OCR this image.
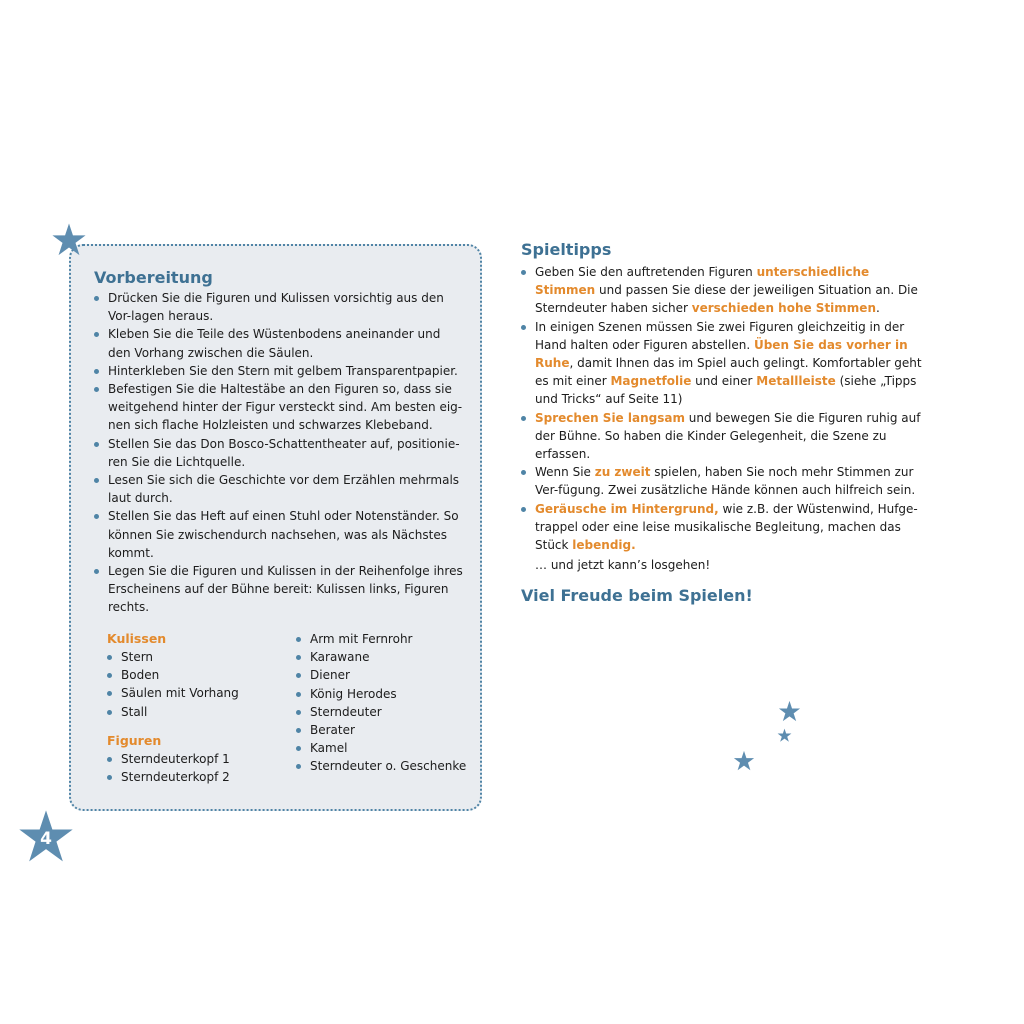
4
Vorbereitung
Drücken Sie die Figuren und Kulissen vorsichtig aus den Vor-lagen heraus.
Kleben Sie die Teile des Wüstenbodens aneinander und den Vorhang zwischen die Säulen.
Hinterkleben Sie den Stern mit gelbem Transparentpapier.
Befestigen Sie die Haltestäbe an den Figuren so, dass sie weitgehend hinter der Figur versteckt sind. Am besten eig-nen sich flache Holzleisten und schwarzes Klebeband.
Stellen Sie das Don Bosco-Schattentheater auf, positionie-ren Sie die Lichtquelle.
Lesen Sie sich die Geschichte vor dem Erzählen mehrmals laut durch.
Stellen Sie das Heft auf einen Stuhl oder Notenständer. So können Sie zwischendurch nachsehen, was als Nächstes kommt.
Legen Sie die Figuren und Kulissen in der Reihenfolge ihres Erscheinens auf der Bühne bereit: Kulissen links, Figuren rechts.
Kulissen
Stern
Boden
Säulen mit Vorhang
Stall
Figuren
Sterndeuterkopf 1
Sterndeuterkopf 2
Arm mit Fernrohr
Karawane
Diener
König Herodes
Sterndeuter
Berater
Kamel
Sterndeuter o. Geschenke
Spieltipps
Geben Sie den auftretenden Figuren unterschiedliche Stimmen und passen Sie diese der jeweiligen Situation an. Die Sterndeuter haben sicher verschieden hohe Stimmen.
In einigen Szenen müssen Sie zwei Figuren gleichzeitig in der Hand halten oder Figuren abstellen. Üben Sie das vorher in Ruhe, damit Ihnen das im Spiel auch gelingt. Komfortabler geht es mit einer Magnetfolie und einer Metallleiste (siehe „Tipps und Tricks“ auf Seite 11)
Sprechen Sie langsam und bewegen Sie die Figuren ruhig auf der Bühne. So haben die Kinder Gelegenheit, die Szene zu erfassen.
Wenn Sie zu zweit spielen, haben Sie noch mehr Stimmen zur Ver-fügung. Zwei zusätzliche Hände können auch hilfreich sein.
Geräusche im Hintergrund, wie z.B. der Wüstenwind, Hufge-trappel oder eine leise musikalische Begleitung, machen das Stück lebendig.
… und jetzt kann’s losgehen!
Viel Freude beim Spielen!
